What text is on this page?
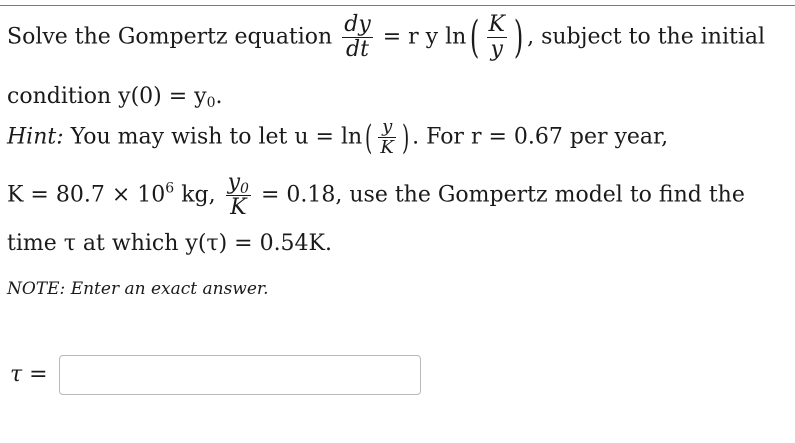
Solve the Gompertz equation $\frac{dy}{dt} = r$ y $\ln( \frac{K}{y}$ ) , subject to the initial
condition $y(0) = y_0$.
Hint: You may wish to let $u = \ln( \frac{y}{K}$ ) . For r = 0.67 per year,
$K = 80.7 \times 10^6$ kg, $\frac{y_0}{K} = 0.18$, use the Gompertz model to find the
time τ at which y(τ) = 0.54K.
NOTE: Enter an exact answer.
τ =
